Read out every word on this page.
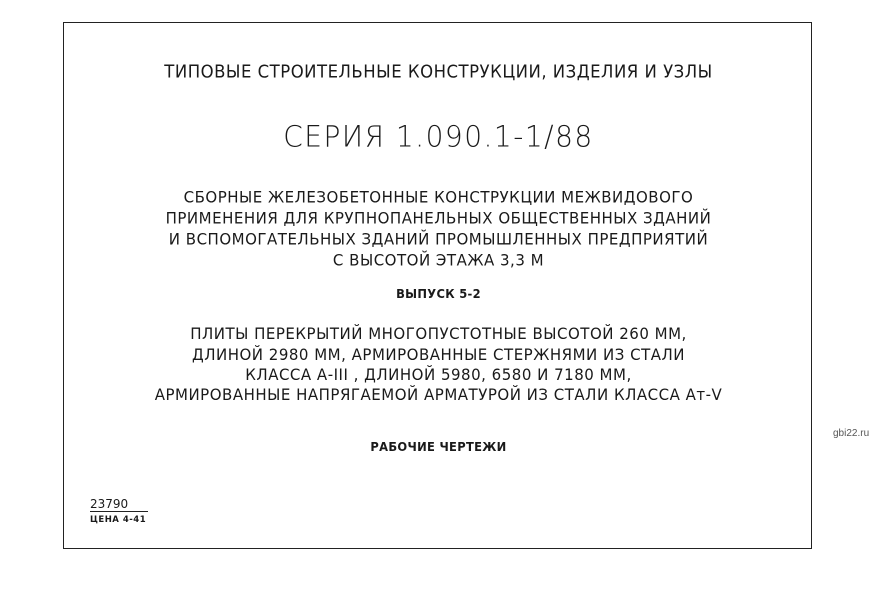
ТИПОВЫЕ СТРОИТЕЛЬНЫЕ КОНСТРУКЦИИ, ИЗДЕЛИЯ И УЗЛЫ
СЕРИЯ 1.090.1-1/88
СБОРНЫЕ ЖЕЛЕЗОБЕТОННЫЕ КОНСТРУКЦИИ МЕЖВИДОВОГО
ПРИМЕНЕНИЯ ДЛЯ КРУПНОПАНЕЛЬНЫХ ОБЩЕСТВЕННЫХ ЗДАНИЙ
И ВСПОМОГАТЕЛЬНЫХ ЗДАНИЙ ПРОМЫШЛЕННЫХ ПРЕДПРИЯТИЙ
С ВЫСОТОЙ ЭТАЖА 3,3 М
ВЫПУСК 5-2
ПЛИТЫ ПЕРЕКРЫТИЙ МНОГОПУСТОТНЫЕ ВЫСОТОЙ 260 ММ,
ДЛИНОЙ 2980 ММ, АРМИРОВАННЫЕ СТЕРЖНЯМИ ИЗ СТАЛИ
КЛАССА А-III , ДЛИНОЙ 5980, 6580 И 7180 ММ,
АРМИРОВАННЫЕ НАПРЯГАЕМОЙ АРМАТУРОЙ ИЗ СТАЛИ КЛАССА Ат-V
РАБОЧИЕ ЧЕРТЕЖИ
23790
ЦЕНА 4-41
gbi22.ru
